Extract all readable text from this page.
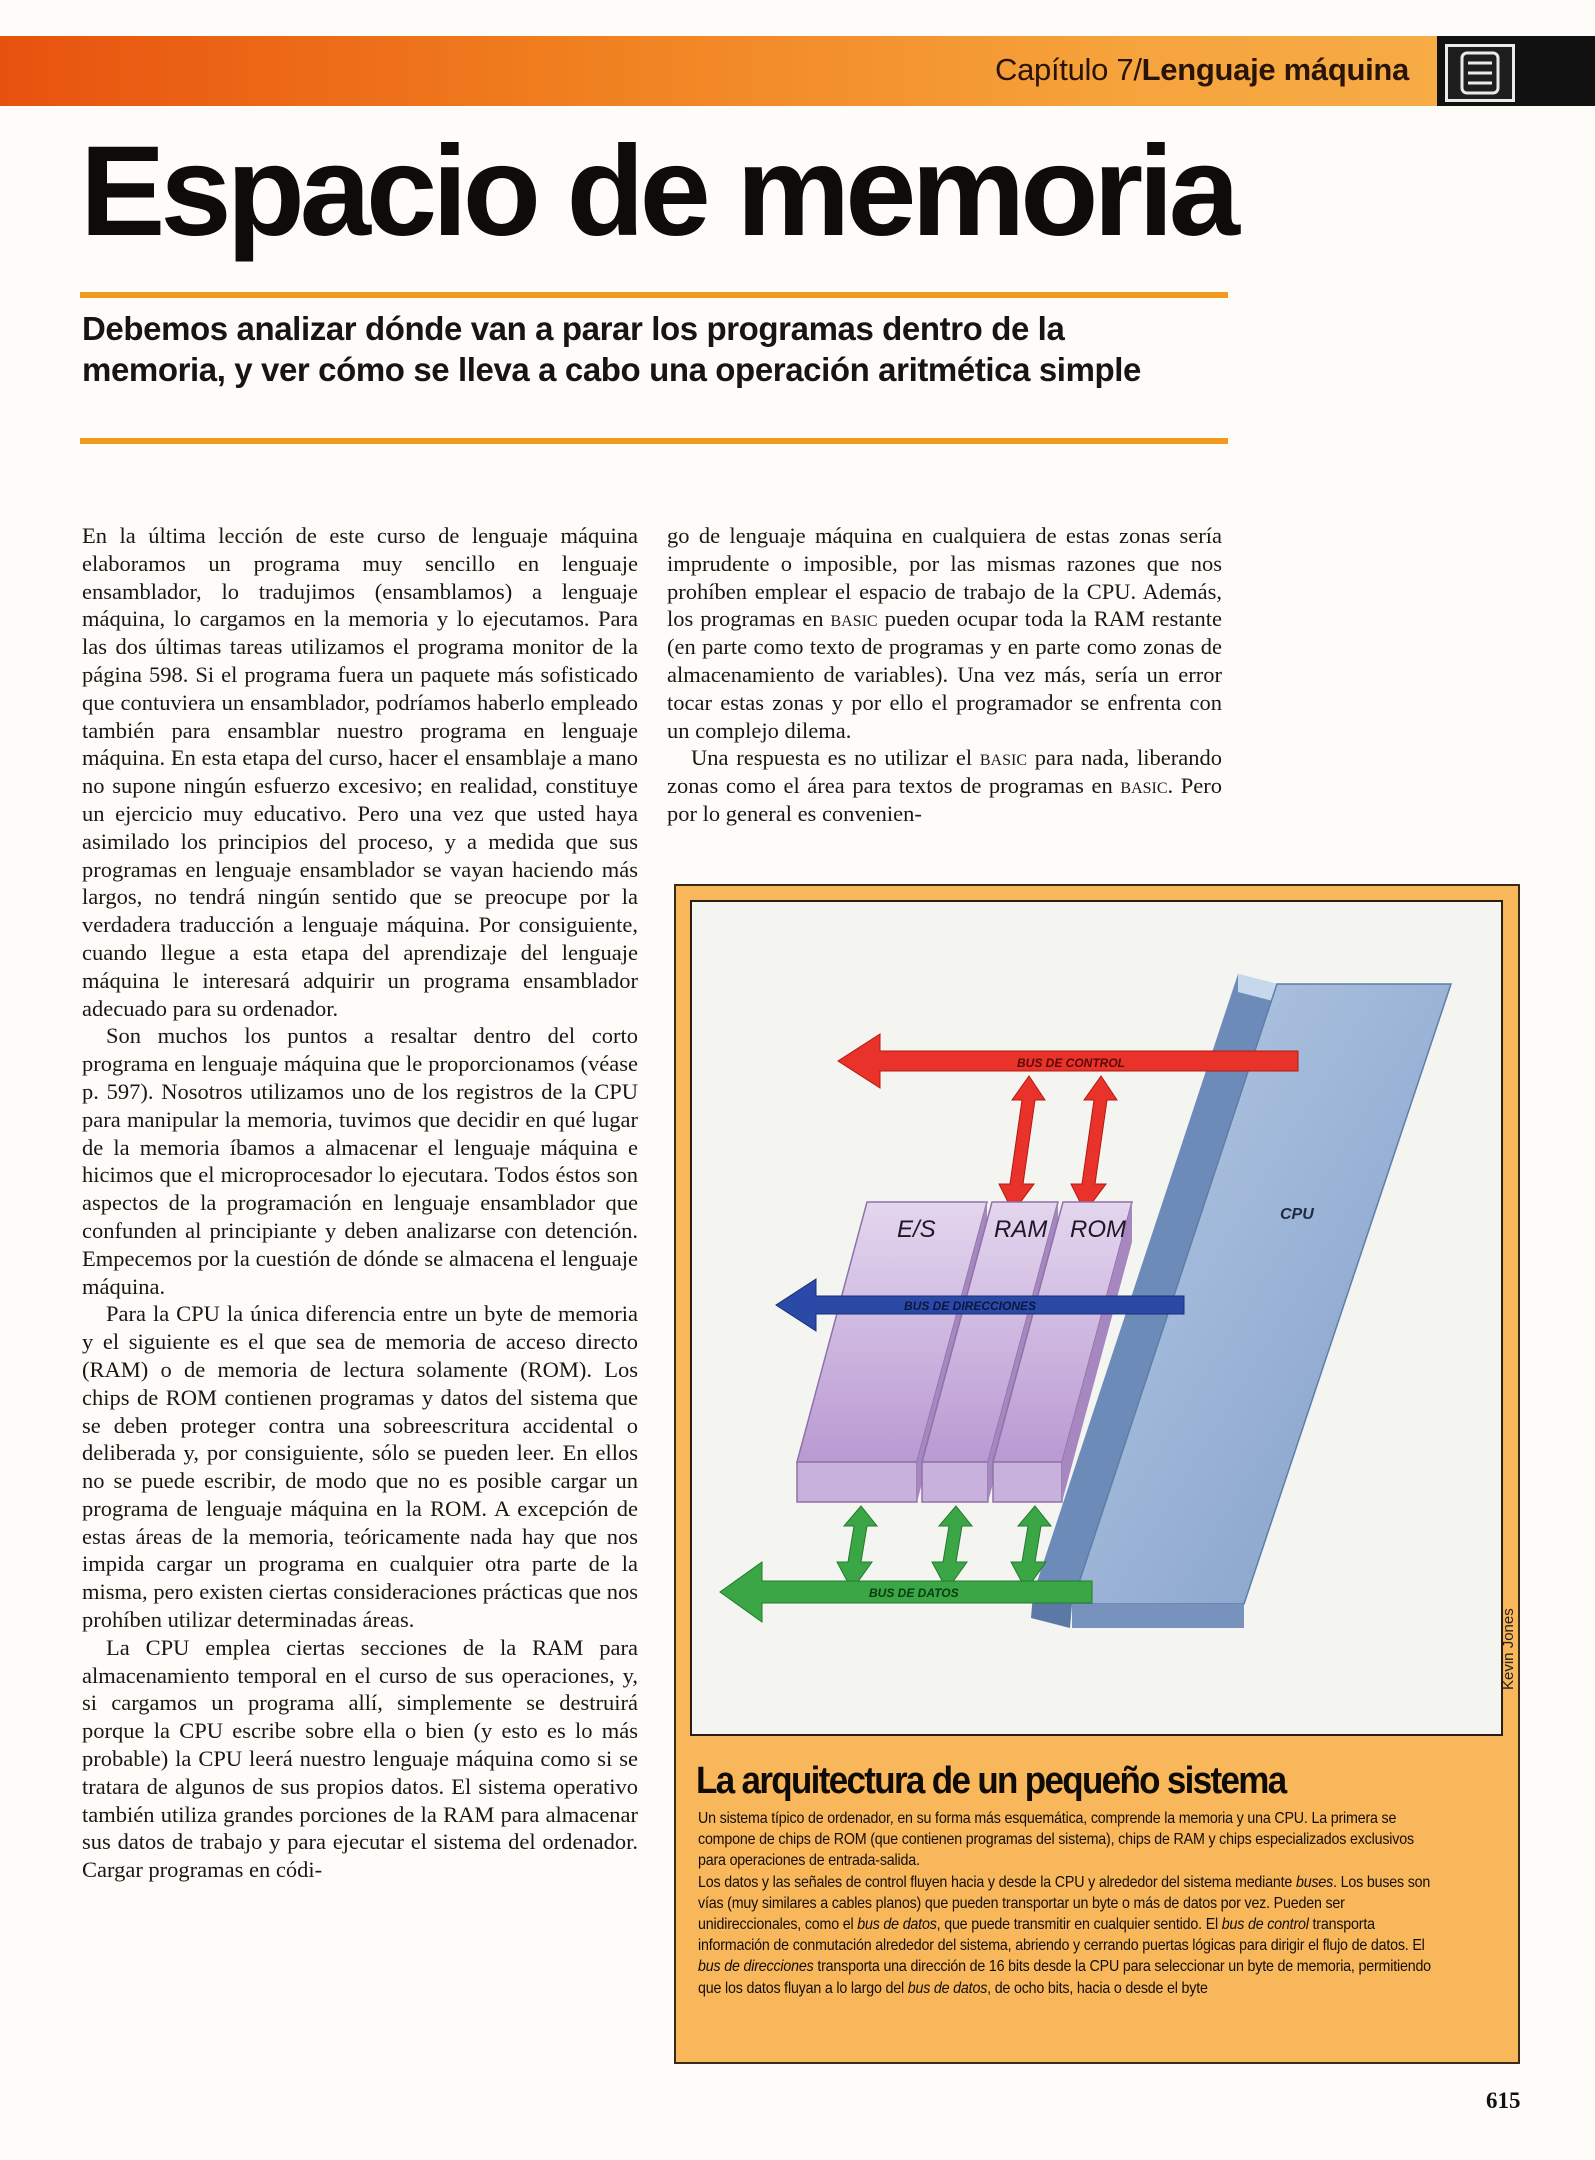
Capítulo 7/Lenguaje máquina
Espacio de memoria
Debemos analizar dónde van a parar los programas dentro de la memoria, y ver cómo se lleva a cabo una operación aritmética simple

En la última lección de este curso de lenguaje máquina elaboramos un programa muy sencillo en lenguaje ensamblador, lo tradujimos (ensamblamos) a lenguaje máquina, lo cargamos en la memoria y lo ejecutamos. Para las dos últimas tareas utilizamos el programa monitor de la página 598. Si el programa fuera un paquete más sofisticado que contuviera un ensamblador, podríamos haberlo empleado también para ensamblar nuestro programa en lenguaje máquina. En esta etapa del curso, hacer el ensamblaje a mano no supone ningún esfuerzo excesivo; en realidad, constituye un ejercicio muy educativo. Pero una vez que usted haya asimilado los principios del proceso, y a medida que sus programas en lenguaje ensamblador se vayan haciendo más largos, no tendrá ningún sentido que se preocupe por la verdadera traducción a lenguaje máquina. Por consiguiente, cuando llegue a esta etapa del aprendizaje del lenguaje máquina le interesará adquirir un programa ensamblador adecuado para su ordenador.

Son muchos los puntos a resaltar dentro del corto programa en lenguaje máquina que le proporcionamos (véase p. 597). Nosotros utilizamos uno de los registros de la CPU para manipular la memoria, tuvimos que decidir en qué lugar de la memoria íbamos a almacenar el lenguaje máquina e hicimos que el microprocesador lo ejecutara. Todos éstos son aspectos de la programación en lenguaje ensamblador que confunden al principiante y deben analizarse con detención. Empecemos por la cuestión de dónde se almacena el lenguaje máquina.

Para la CPU la única diferencia entre un byte de memoria y el siguiente es el que sea de memoria de acceso directo (RAM) o de memoria de lectura solamente (ROM). Los chips de ROM contienen programas y datos del sistema que se deben proteger contra una sobreescritura accidental o deliberada y, por consiguiente, sólo se pueden leer. En ellos no se puede escribir, de modo que no es posible cargar un programa de lenguaje máquina en la ROM. A excepción de estas áreas de la memoria, teóricamente nada hay que nos impida cargar un programa en cualquier otra parte de la misma, pero existen ciertas consideraciones prácticas que nos prohíben utilizar determinadas áreas.

La CPU emplea ciertas secciones de la RAM para almacenamiento temporal en el curso de sus operaciones, y, si cargamos un programa allí, simplemente se destruirá porque la CPU escribe sobre ella o bien (y esto es lo más probable) la CPU leerá nuestro lenguaje máquina como si se tratara de algunos de sus propios datos. El sistema operativo también utiliza grandes porciones de la RAM para almacenar sus datos de trabajo y para ejecutar el sistema del ordenador. Cargar programas en códi-

go de lenguaje máquina en cualquiera de estas zonas sería imprudente o imposible, por las mismas razones que nos prohíben emplear el espacio de trabajo de la CPU. Además, los programas en basic pueden ocupar toda la RAM restante (en parte como texto de programas y en parte como zonas de almacenamiento de variables). Una vez más, sería un error tocar estas zonas y por ello el programador se enfrenta con un complejo dilema.

Una respuesta es no utilizar el basic para nada, liberando zonas como el área para textos de programas en basic. Pero por lo general es convenien-

CPU
BUS DE CONTROL
E/S RAM ROM
BUS DE DIRECCIONES
BUS DE DATOS
Kevin Jones
La arquitectura de un pequeño sistema

Un sistema típico de ordenador, en su forma más esquemática, comprende la memoria y una CPU. La primera se compone de chips de ROM (que contienen programas del sistema), chips de RAM y chips especializados exclusivos para operaciones de entrada-salida.

Los datos y las señales de control fluyen hacia y desde la CPU y alrededor del sistema mediante buses. Los buses son vías (muy similares a cables planos) que pueden transportar un byte o más de datos por vez. Pueden ser unidireccionales, como el bus de datos, que puede transmitir en cualquier sentido. El bus de control transporta información de conmutación alrededor del sistema, abriendo y cerrando puertas lógicas para dirigir el flujo de datos. El bus de direcciones transporta una dirección de 16 bits desde la CPU para seleccionar un byte de memoria, permitiendo que los datos fluyan a lo largo del bus de datos, de ocho bits, hacia o desde el byte

615
